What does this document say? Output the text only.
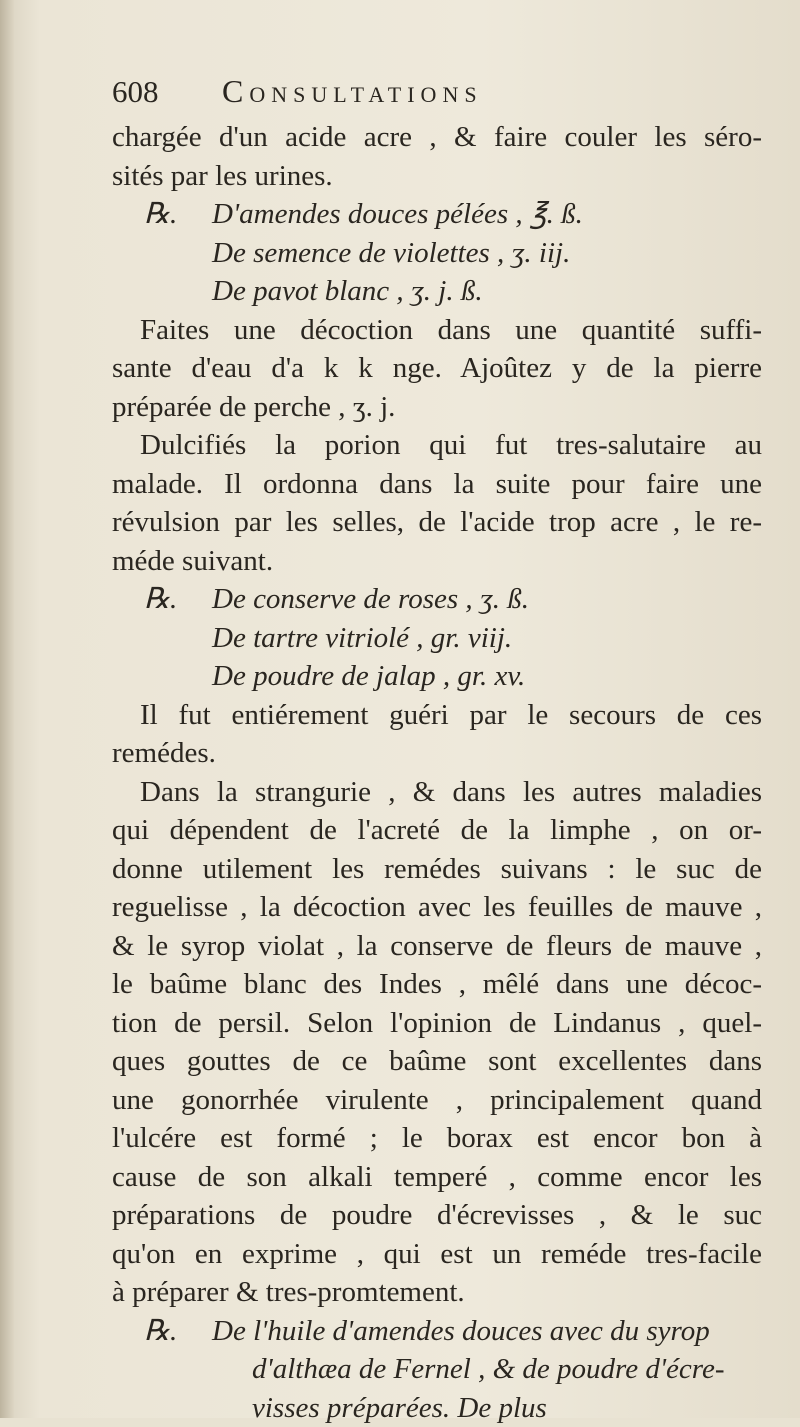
608	Consultations
chargée d'un acide acre , & faire couler les séro-
sités par les urines.
℞. D'amendes douces pélées , ℥. ß.
De semence de violettes , ʒ. iij.
De pavot blanc , ʒ. j. ß.
Faites une décoction dans une quantité suffi-
sante d'eau d'a k k nge. Ajoûtez y de la pierre
préparée de perche , ʒ. j.
Dulcifiés la porion qui fut tres-salutaire au
malade. Il ordonna dans la suite pour faire une
révulsion par les selles, de l'acide trop acre , le re-
méde suivant.
℞. De conserve de roses , ʒ. ß.
De tartre vitriolé , gr. viij.
De poudre de jalap , gr. xv.
Il fut entiérement guéri par le secours de ces
remédes.
Dans la strangurie , & dans les autres maladies
qui dépendent de l'acreté de la limphe , on or-
donne utilement les remédes suivans : le suc de
reguelisse , la décoction avec les feuilles de mauve ,
& le syrop violat , la conserve de fleurs de mauve ,
le baûme blanc des Indes , mêlé dans une décoc-
tion de persil. Selon l'opinion de Lindanus , quel-
ques gouttes de ce baûme sont excellentes dans
une gonorrhée virulente , principalement quand
l'ulcére est formé ; le borax est encor bon à
cause de son alkali temperé , comme encor les
préparations de poudre d'écrevisses , & le suc
qu'on en exprime , qui est un reméde tres-facile
à préparer & tres-promtement.
℞. De l'huile d'amendes douces avec du syrop
d'althæa de Fernel , & de poudre d'écre-
visses préparées. De plus
